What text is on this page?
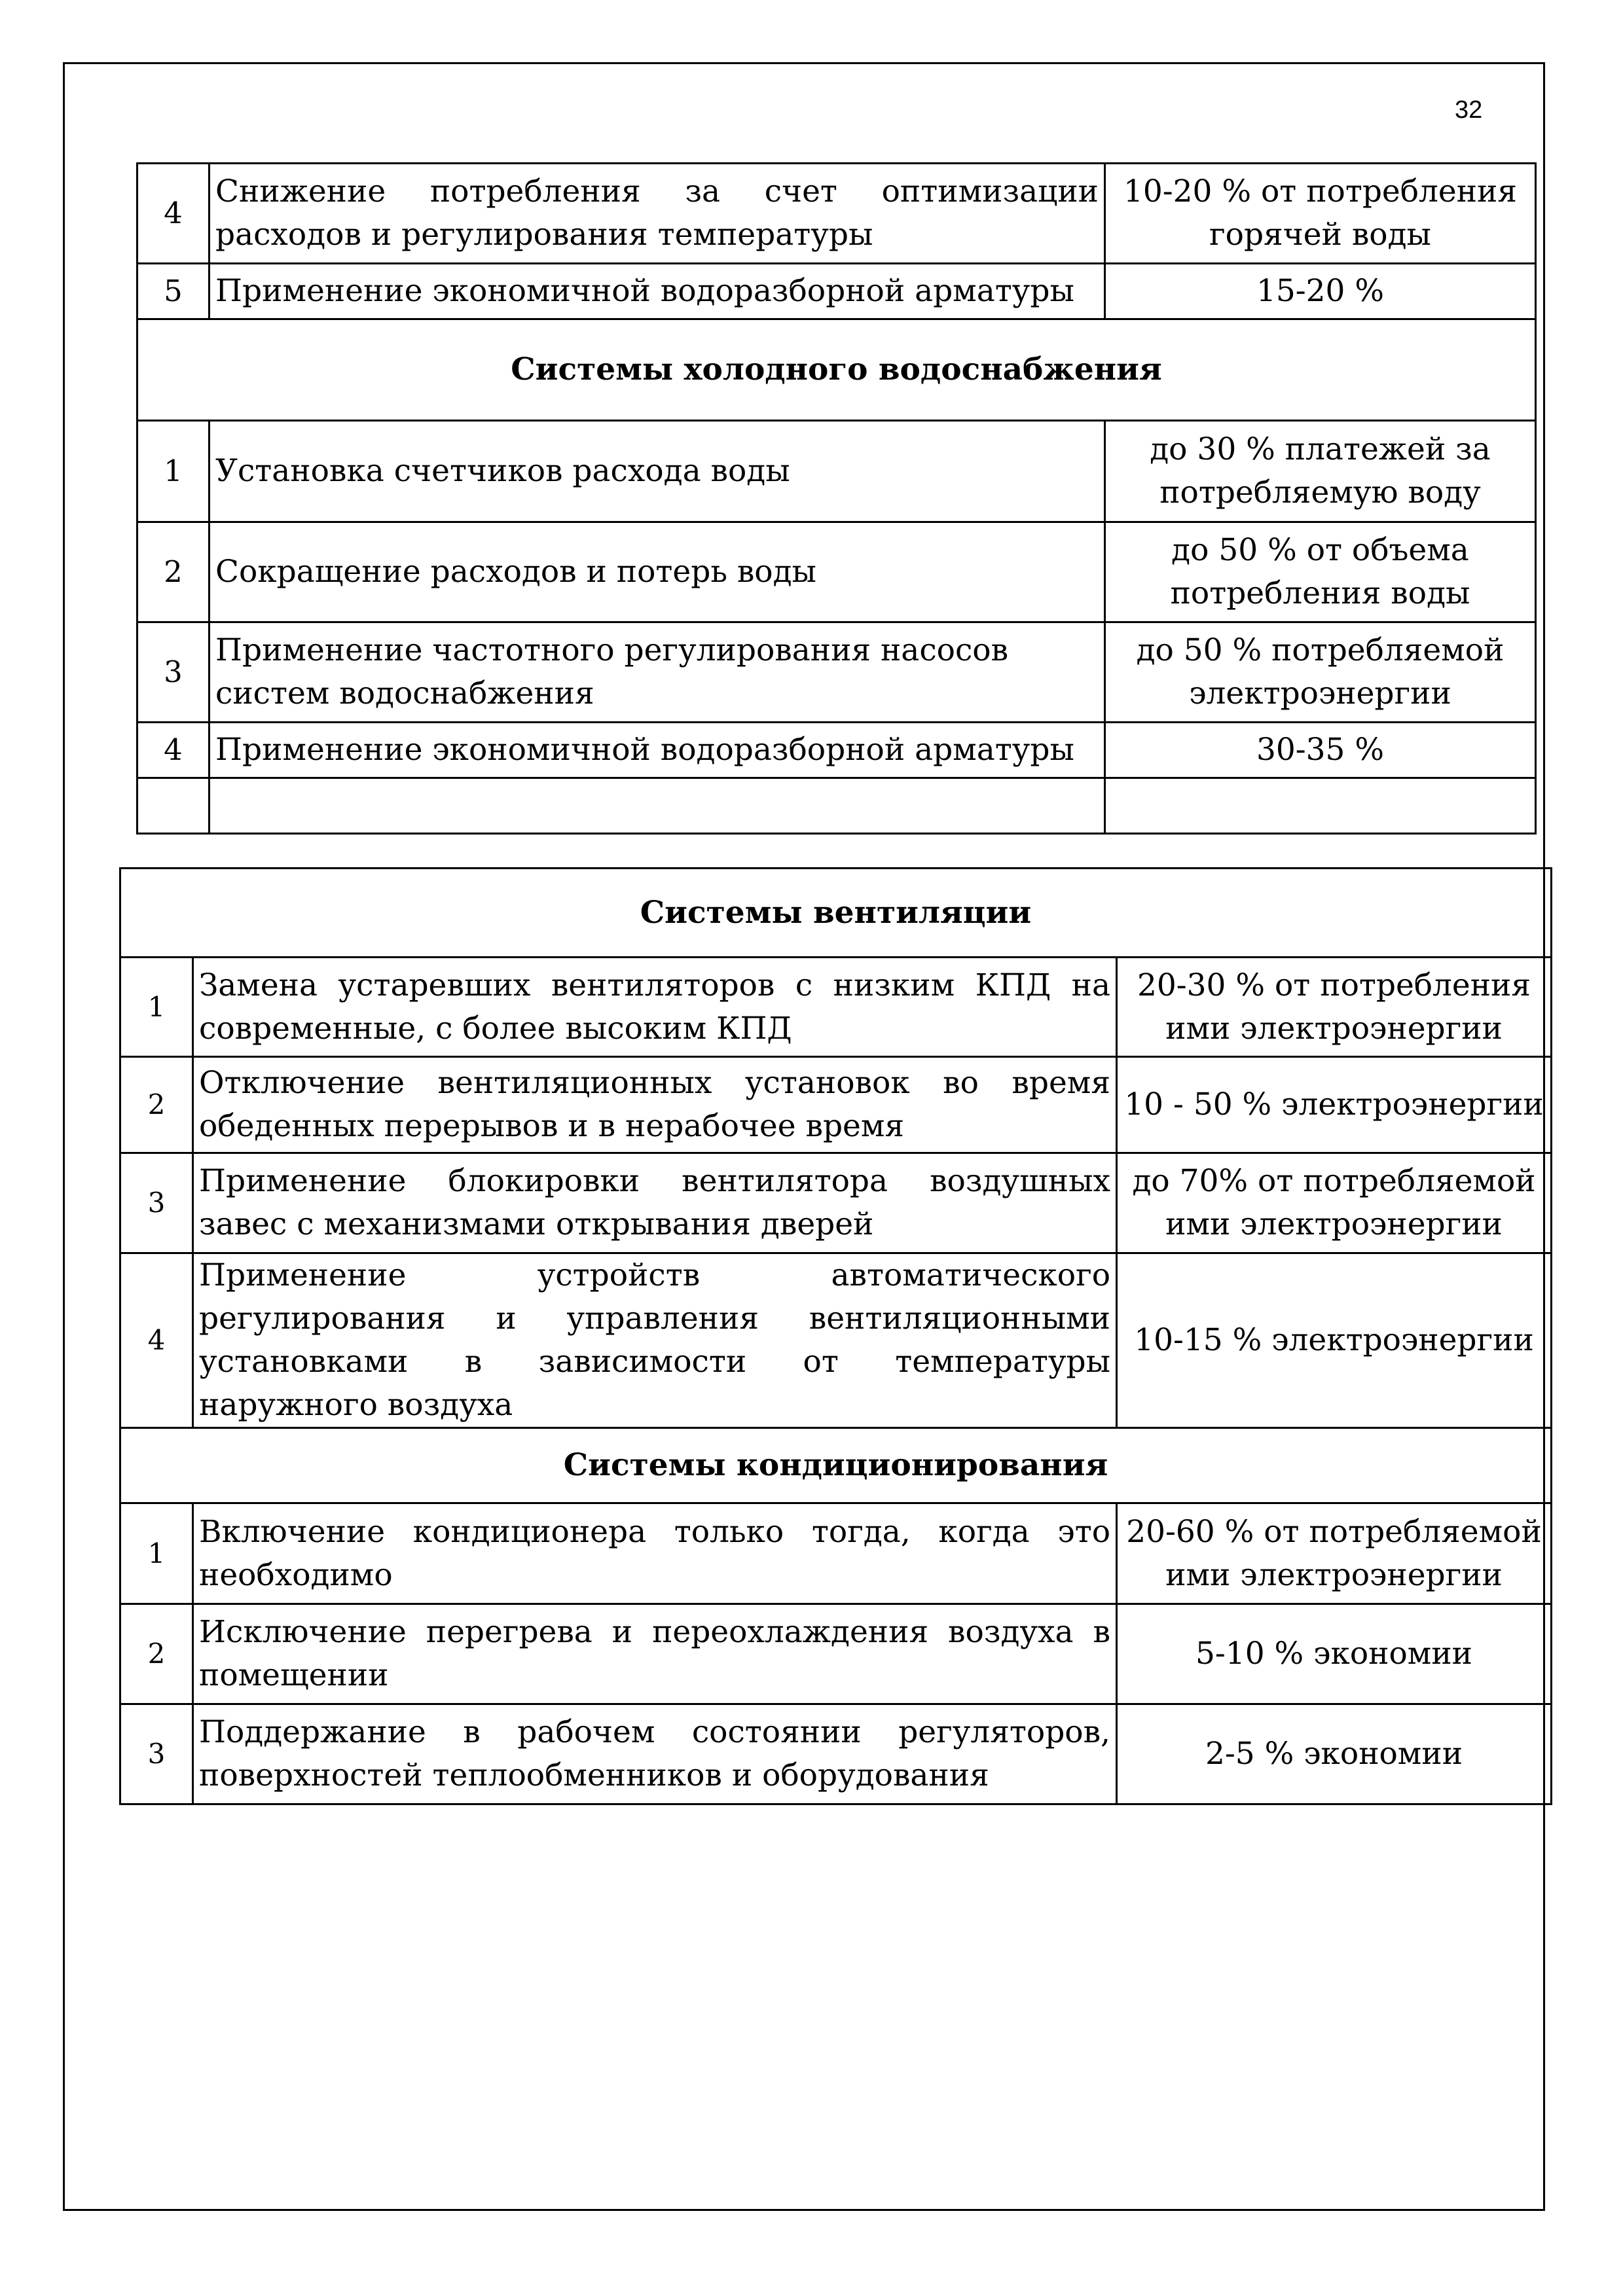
32
4	Снижение потребления за счет оптимизации расходов и регулирования температуры	10-20 % от потребления горячей воды
5	Применение экономичной водоразборной арматуры	15-20 %
Системы холодного водоснабжения		
1	Установка счетчиков расхода воды	до 30 % платежей за потребляемую воду
2	Сокращение расходов и потерь воды	до 50 % от объема потребления воды
3	Применение частотного регулирования насосов систем водоснабжения	до 50 % потребляемой электроэнергии
4	Применение экономичной водоразборной арматуры	30-35 %

Системы вентиляции		
1	Замена устаревших вентиляторов с низким КПД на современные, с более высоким КПД	20-30 % от потребления ими электроэнергии
2	Отключение вентиляционных установок во время обеденных перерывов и в нерабочее время	10 - 50 % электроэнергии
3	Применение блокировки вентилятора воздушных завес с механизмами открывания дверей	до 70% от потребляемой ими электроэнергии
4	Применение устройств автоматического регулирования и управления вентиляционными установками в зависимости от температуры наружного воздуха	10-15 % электроэнергии
Системы кондиционирования		
1	Включение кондиционера только тогда, когда это необходимо	20-60 % от потребляемой ими электроэнергии
2	Исключение перегрева и переохлаждения воздуха в помещении	5-10 % экономии
3	Поддержание в рабочем состоянии регуляторов, поверхностей теплообменников и оборудования	2-5 % экономии
